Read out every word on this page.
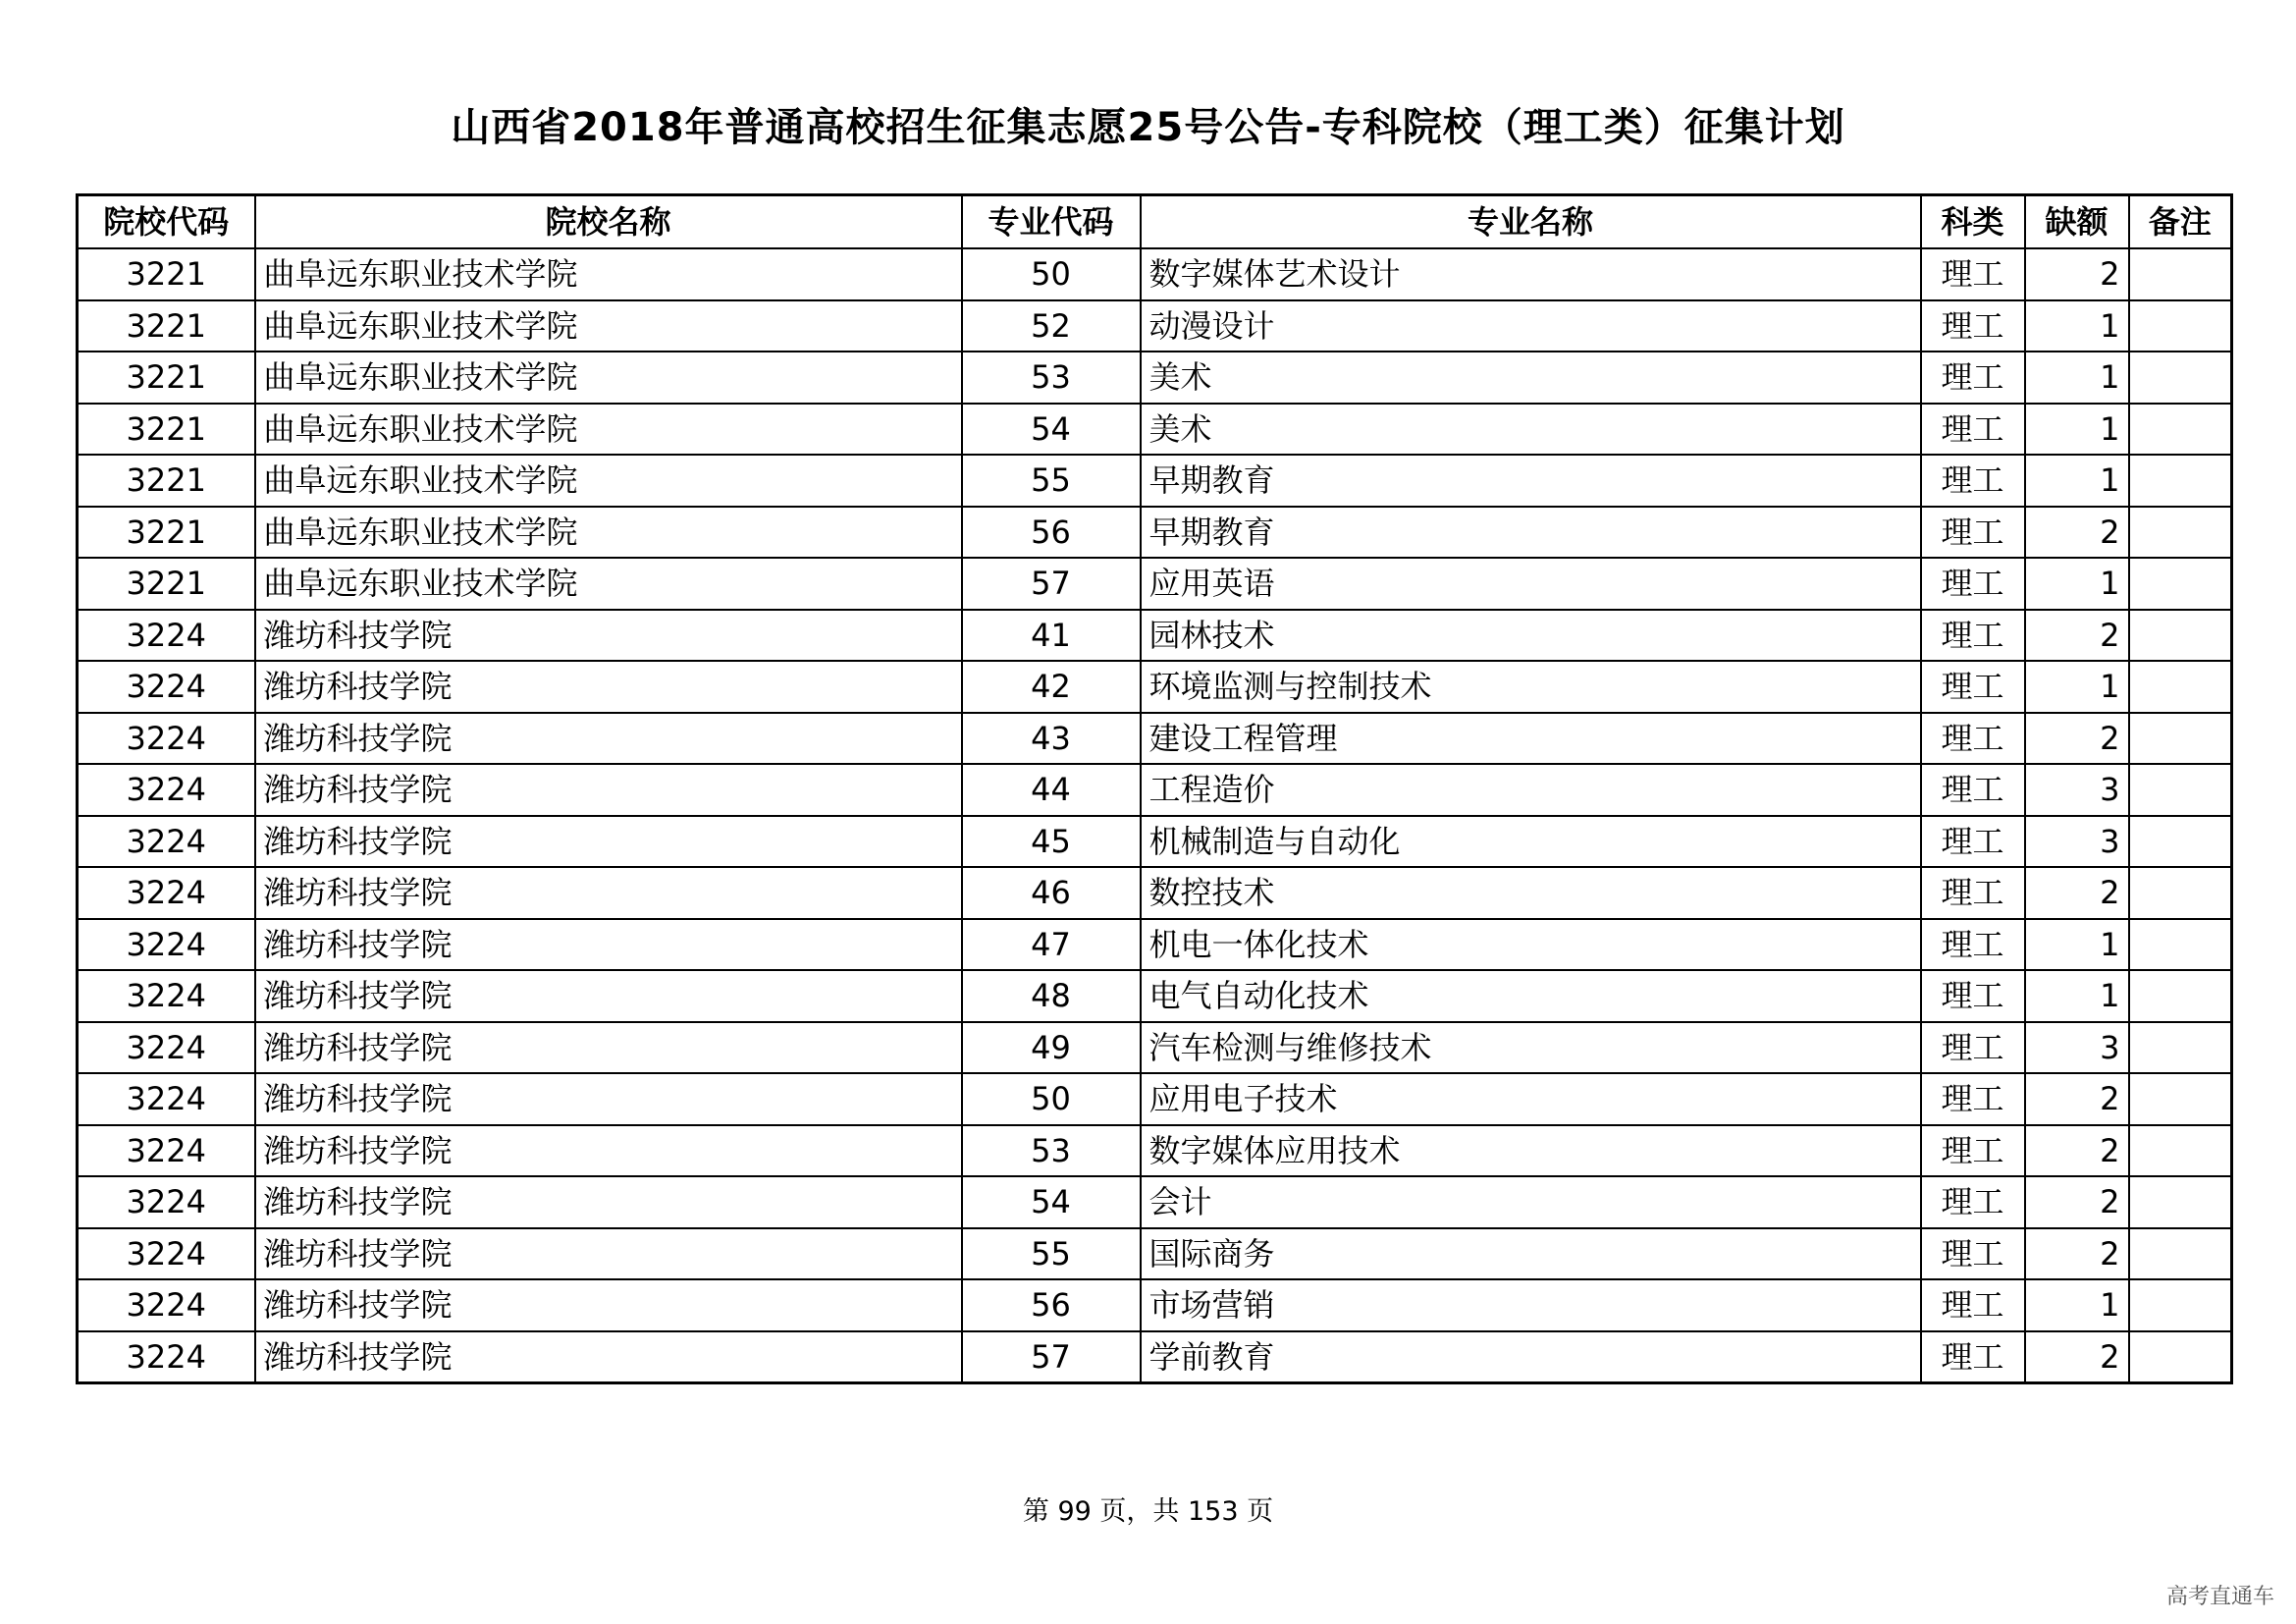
山西省2018年普通高校招生征集志愿25号公告-专科院校（理工类）征集计划
院校代码	院校名称	专业代码	专业名称	科类	缺额	备注
3221	曲阜远东职业技术学院	50	数字媒体艺术设计	理工	2	
3221	曲阜远东职业技术学院	52	动漫设计	理工	1	
3221	曲阜远东职业技术学院	53	美术	理工	1	
3221	曲阜远东职业技术学院	54	美术	理工	1	
3221	曲阜远东职业技术学院	55	早期教育	理工	1	
3221	曲阜远东职业技术学院	56	早期教育	理工	2	
3221	曲阜远东职业技术学院	57	应用英语	理工	1	
3224	潍坊科技学院	41	园林技术	理工	2	
3224	潍坊科技学院	42	环境监测与控制技术	理工	1	
3224	潍坊科技学院	43	建设工程管理	理工	2	
3224	潍坊科技学院	44	工程造价	理工	3	
3224	潍坊科技学院	45	机械制造与自动化	理工	3	
3224	潍坊科技学院	46	数控技术	理工	2	
3224	潍坊科技学院	47	机电一体化技术	理工	1	
3224	潍坊科技学院	48	电气自动化技术	理工	1	
3224	潍坊科技学院	49	汽车检测与维修技术	理工	3	
3224	潍坊科技学院	50	应用电子技术	理工	2	
3224	潍坊科技学院	53	数字媒体应用技术	理工	2	
3224	潍坊科技学院	54	会计	理工	2	
3224	潍坊科技学院	55	国际商务	理工	2	
3224	潍坊科技学院	56	市场营销	理工	1	
3224	潍坊科技学院	57	学前教育	理工	2	
第 99 页，共 153 页
高考直通车
